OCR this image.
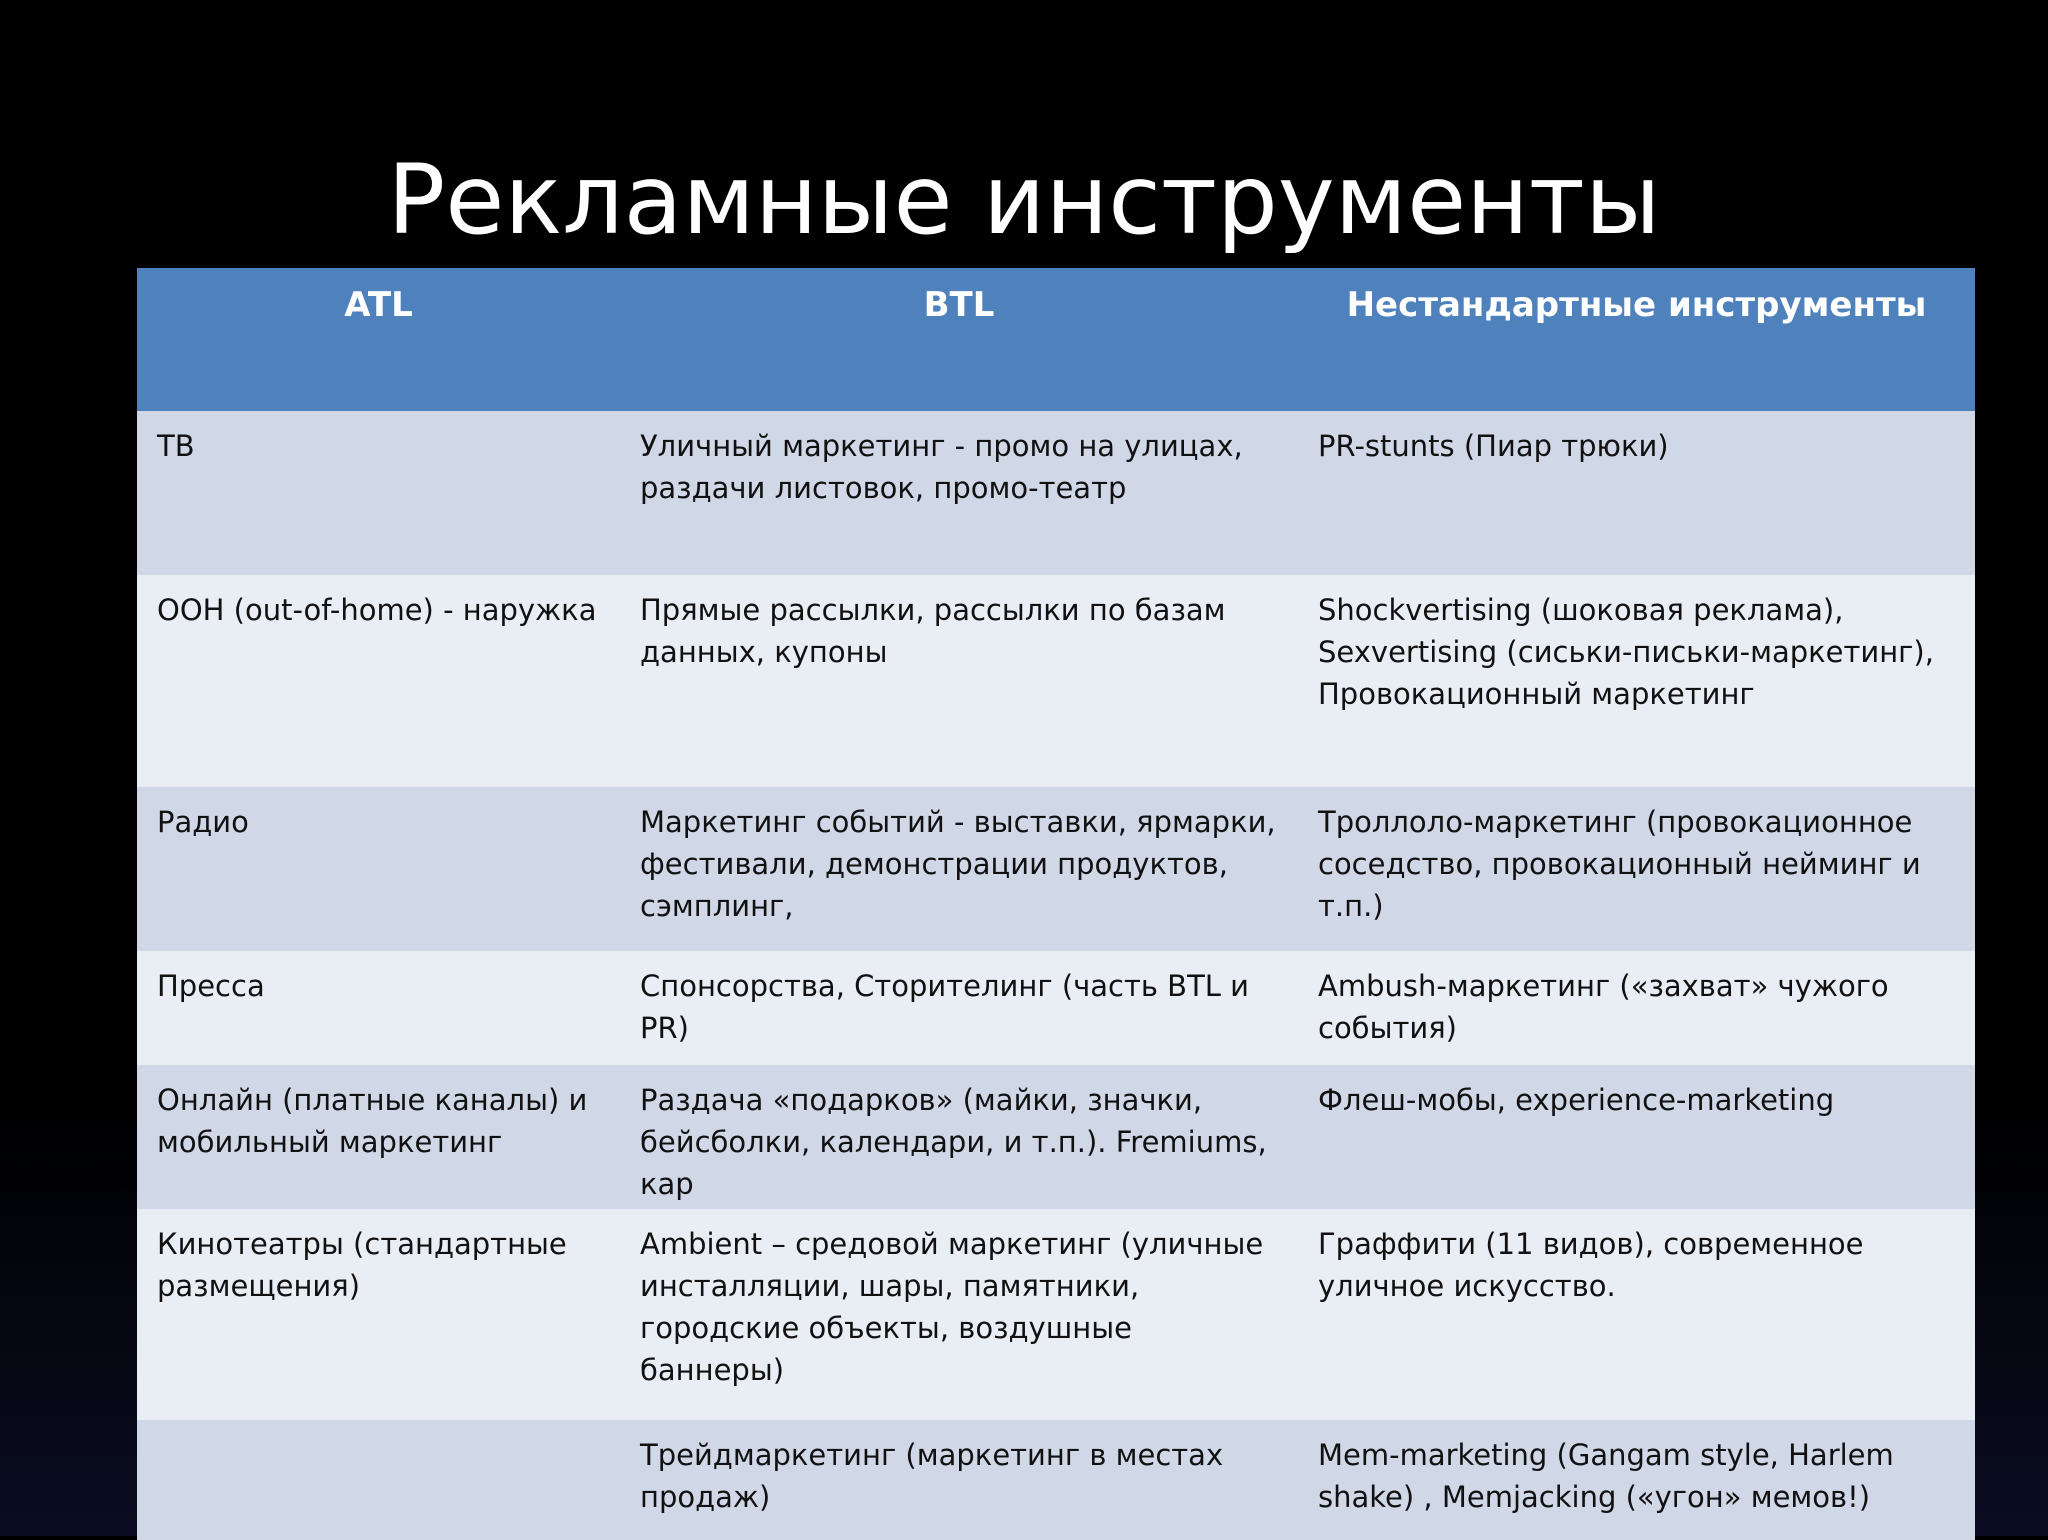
Рекламные инструменты
ATL	BTL	Нестандартные инструменты
ТВ	Уличный маркетинг - промо на улицах, раздачи листовок, промо-театр	PR-stunts (Пиар трюки)
OOH (out-of-home) - наружка	Прямые рассылки, рассылки по базам данных, купоны	Shockvertising (шоковая реклама), Sexvertising (сиськи-письки-маркетинг), Провокационный маркетинг
Радио	Маркетинг событий - выставки, ярмарки, фестивали, демонстрации продуктов, сэмплинг,	Троллоло-маркетинг (провокационное соседство, провокационный нейминг и т.п.)
Пресса	Спонсорства, Сторителинг (часть BTL и PR)	Ambush-маркетинг («захват» чужого события)
Онлайн (платные каналы) и мобильный маркетинг	Раздача «подарков» (майки, значки, бейсболки, календари, и т.п.). Fremiums, кар	Флеш-мобы, experience-marketing
Кинотеатры (стандартные размещения)	Ambient – средовой маркетинг (уличные инсталляции, шары, памятники, городские объекты, воздушные баннеры)	Граффити (11 видов), современное уличное искусство.
	Трейдмаркетинг (маркетинг в местах продаж)	Mem-marketing (Gangam style, Harlem shake) , Memjacking («угон» мемов!)
